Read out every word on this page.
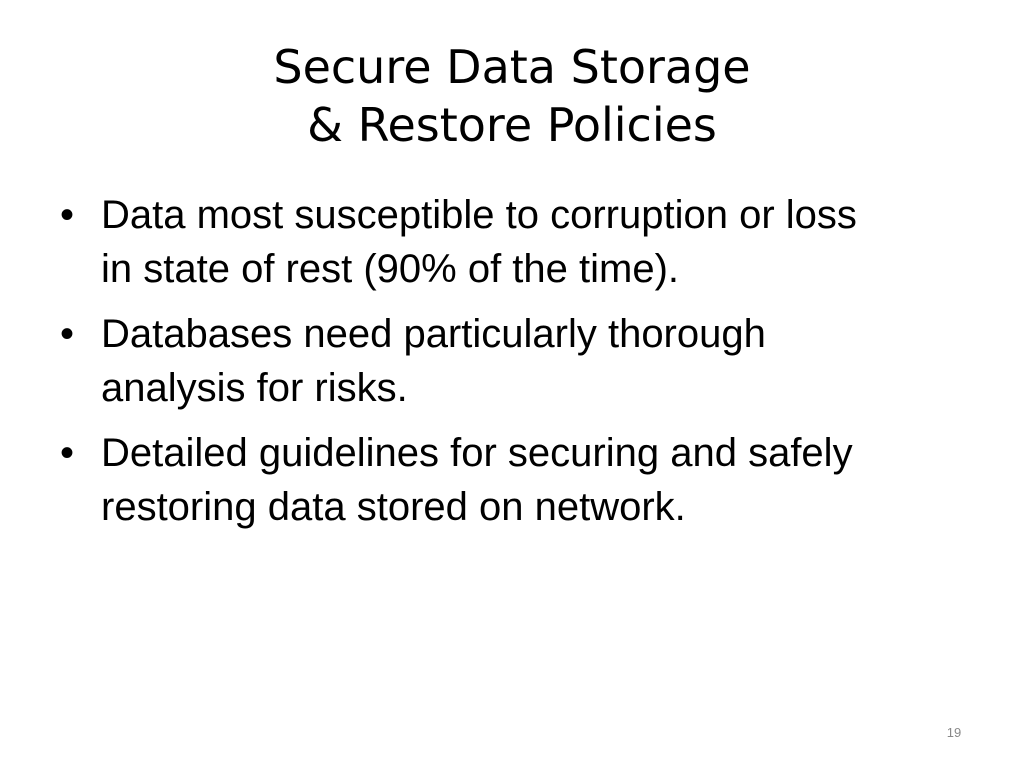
Secure Data Storage
& Restore Policies
• Data most susceptible to corruption or loss
in state of rest (90% of the time).
• Databases need particularly thorough
analysis for risks.
• Detailed guidelines for securing and safely
restoring data stored on network.
19
